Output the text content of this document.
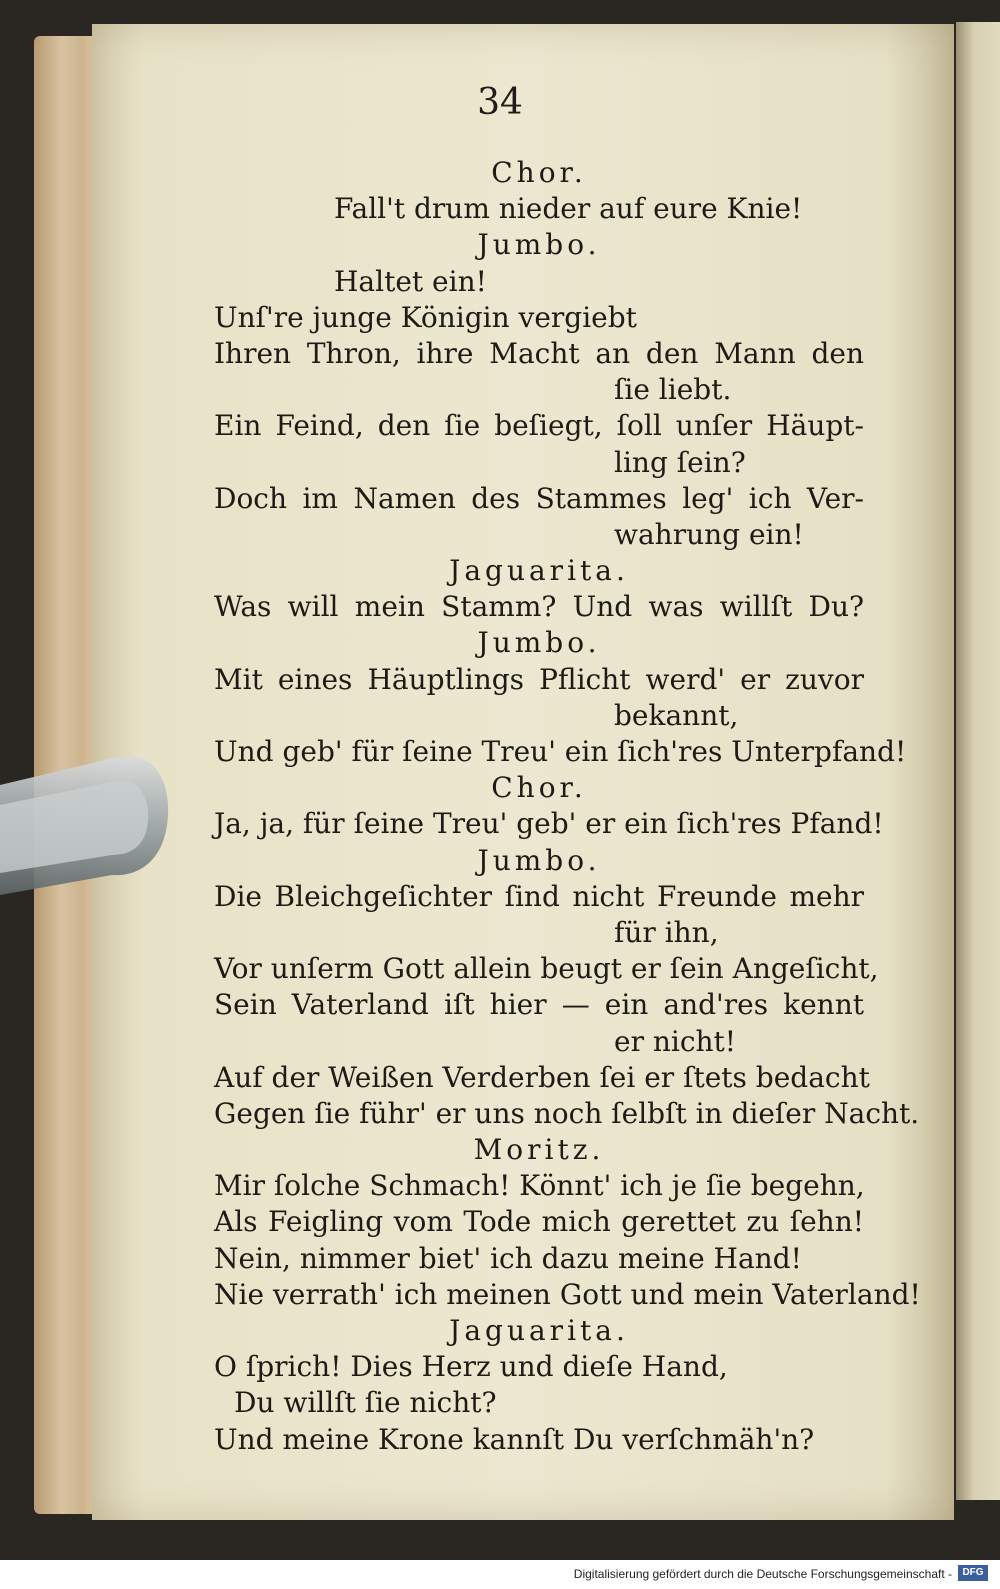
34
Chor.
Fall't drum nieder auf eure Knie!
Jumbo.
Haltet ein!
Unſ're junge Königin vergiebt
Ihren Thron, ihre Macht an den Mann den
ſie liebt.
Ein Feind, den ſie beſiegt, ſoll unſer Häupt-
ling ſein?
Doch im Namen des Stammes leg' ich Ver-
wahrung ein!
Jaguarita.
Was will mein Stamm? Und was willſt Du?
Jumbo.
Mit eines Häuptlings Pflicht werd' er zuvor
bekannt,
Und geb' für ſeine Treu' ein ſich'res Unterpfand!
Chor.
Ja, ja, für ſeine Treu' geb' er ein ſich'res Pfand!
Jumbo.
Die Bleichgeſichter ſind nicht Freunde mehr
für ihn,
Vor unſerm Gott allein beugt er ſein Angeſicht,
Sein Vaterland iſt hier — ein and'res kennt
er nicht!
Auf der Weißen Verderben ſei er ſtets bedacht
Gegen ſie führ' er uns noch ſelbſt in dieſer Nacht.
Moritz.
Mir ſolche Schmach! Könnt' ich je ſie begehn,
Als Feigling vom Tode mich gerettet zu ſehn!
Nein, nimmer biet' ich dazu meine Hand!
Nie verrath' ich meinen Gott und mein Vaterland!
Jaguarita.
O ſprich! Dies Herz und dieſe Hand,
Du willſt ſie nicht?
Und meine Krone kannſt Du verſchmäh'n?
Digitalisierung gefördert durch die Deutsche Forschungsgemeinschaft -	DFG
